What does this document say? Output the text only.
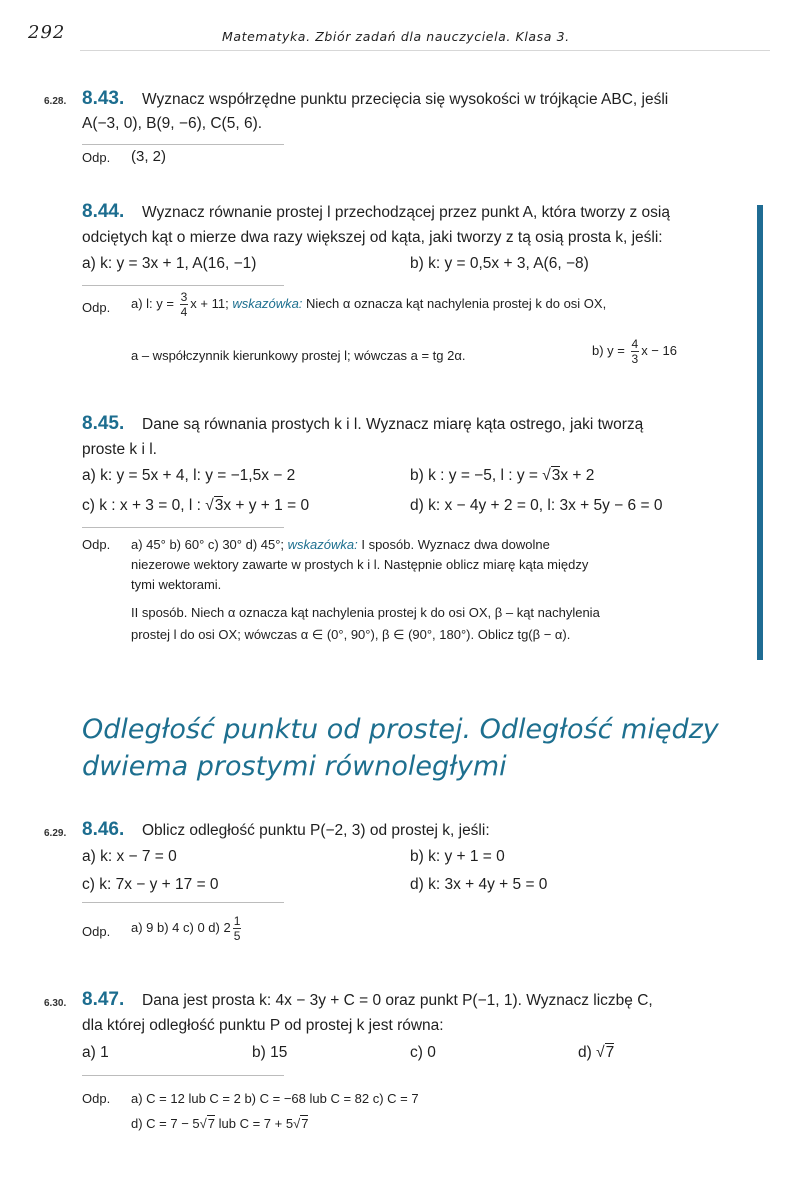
292	Matematyka. Zbiór zadań dla nauczyciela. Klasa 3.
6.28. 8.43. Wyznacz współrzędne punktu przecięcia się wysokości w trójkącie ABC, jeśli
A(−3, 0), B(9, −6), C(5, 6).
Odp. (3, 2)
8.44. Wyznacz równanie prostej l przechodzącej przez punkt A, która tworzy z osią
odciętych kąt o mierze dwa razy większej od kąta, jaki tworzy z tą osią prosta k, jeśli:
a) k: y = 3x + 1, A(16, −1)	b) k: y = 0,5x + 3, A(6, −8)
Odp. a) l: $y = \frac{3}{4}$ x + 11; wskazówka: Niech α oznacza kąt nachylenia prostej k do osi OX,
a – współczynnik kierunkowy prostej l; wówczas a = tg 2α.	b) $y = \frac{4}{3}$ x − 16
8.45. Dane są równania prostych k i l. Wyznacz miarę kąta ostrego, jaki tworzą
proste k i l.
a) k: y = 5x + 4, l: y = −1,5x − 2	b) k : y = −5, l : y = √3x + 2
c) k : x + 3 = 0, l : √3x + y + 1 = 0	d) k: x − 4y + 2 = 0, l: 3x + 5y − 6 = 0
Odp. a) 45° b) 60° c) 30° d) 45°; wskazówka: I sposób. Wyznacz dwa dowolne
niezerowe wektory zawarte w prostych k i l. Następnie oblicz miarę kąta między
tymi wektorami.
II sposób. Niech α oznacza kąt nachylenia prostej k do osi OX, β – kąt nachylenia
prostej l do osi OX; wówczas α ∈ (0°, 90°), β ∈ (90°, 180°). Oblicz tg(β − α).
Odległość punktu od prostej. Odległość między
dwiema prostymi równoległymi
6.29. 8.46. Oblicz odległość punktu P(−2, 3) od prostej k, jeśli:
a) k: x − 7 = 0	b) k: y + 1 = 0
c) k: 7x − y + 17 = 0	d) k: 3x + 4y + 5 = 0
Odp. a) 9 b) 4 c) 0 d) $2 \frac{1}{5}$
6.30. 8.47. Dana jest prosta k: 4x − 3y + C = 0 oraz punkt P(−1, 1). Wyznacz liczbę C,
dla której odległość punktu P od prostej k jest równa:
a) 1	b) 15	c) 0	d) √7
Odp. a) C = 12 lub C = 2 b) C = −68 lub C = 82 c) C = 7
d) C = 7 − 5√7 lub C = 7 + 5√7
